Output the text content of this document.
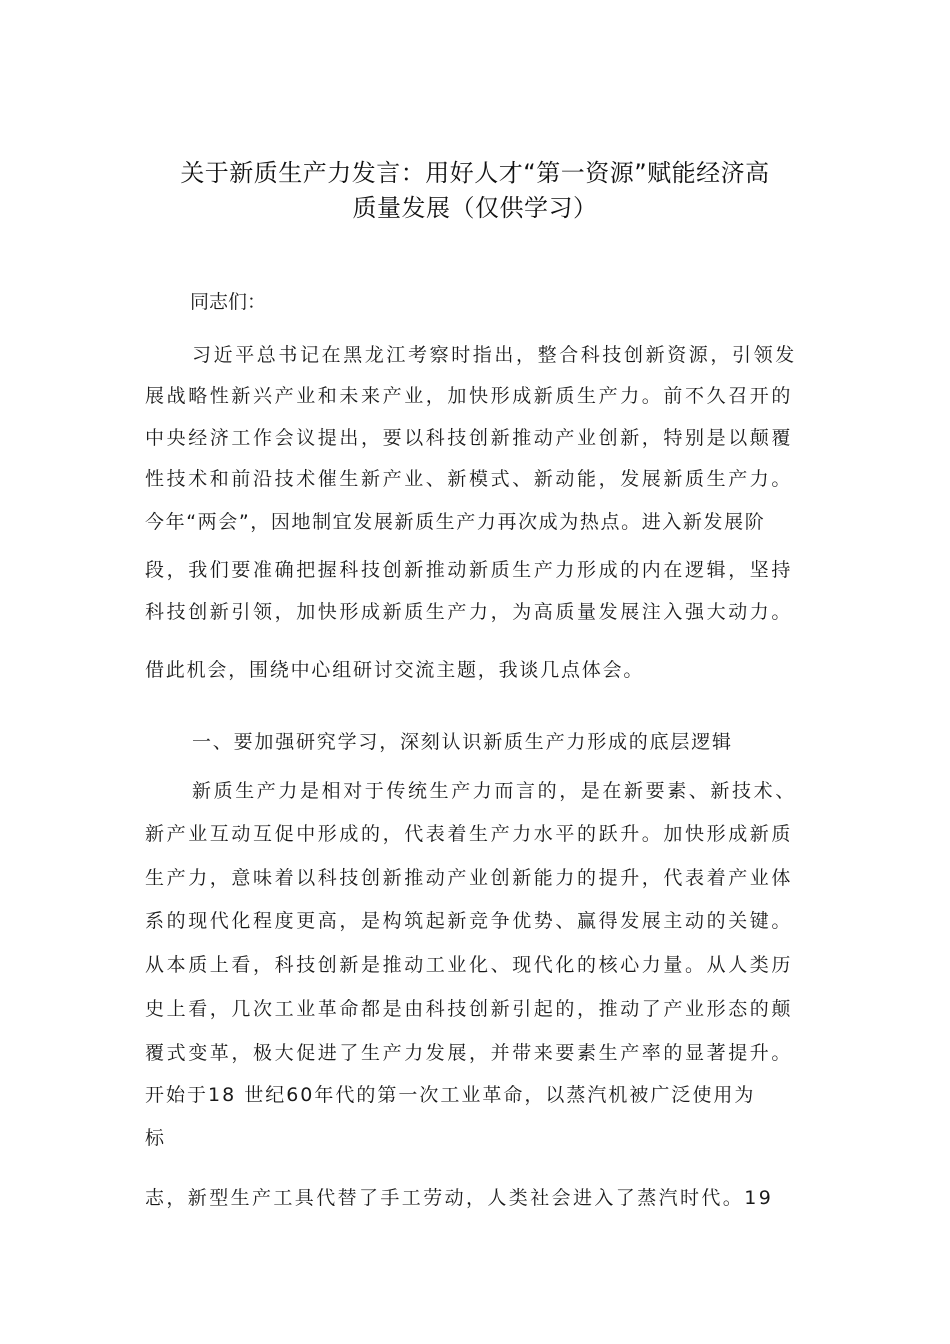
关于新质生产力发言：用好人才“第一资源”赋能经济高
质量发展（仅供学习）
同志们：
习近平总书记在黑龙江考察时指出，整合科技创新资源，引领发
展战略性新兴产业和未来产业，加快形成新质生产力。前不久召开的
中央经济工作会议提出，要以科技创新推动产业创新，特别是以颠覆
性技术和前沿技术催生新产业、新模式、新动能，发展新质生产力。
今年“两会”，因地制宜发展新质生产力再次成为热点。进入新发展阶
段，我们要准确把握科技创新推动新质生产力形成的内在逻辑，坚持
科技创新引领，加快形成新质生产力，为高质量发展注入强大动力。
借此机会，围绕中心组研讨交流主题，我谈几点体会。
一、要加强研究学习，深刻认识新质生产力形成的底层逻辑
新质生产力是相对于传统生产力而言的，是在新要素、新技术、
新产业互动互促中形成的，代表着生产力水平的跃升。加快形成新质
生产力，意味着以科技创新推动产业创新能力的提升，代表着产业体
系的现代化程度更高，是构筑起新竞争优势、赢得发展主动的关键。
从本质上看，科技创新是推动工业化、现代化的核心力量。从人类历
史上看，几次工业革命都是由科技创新引起的，推动了产业形态的颠
覆式变革，极大促进了生产力发展，并带来要素生产率的显著提升。
开始于18 世纪60年代的第一次工业革命，以蒸汽机被广泛使用为
标
志，新型生产工具代替了手工劳动，人类社会进入了蒸汽时代。19
